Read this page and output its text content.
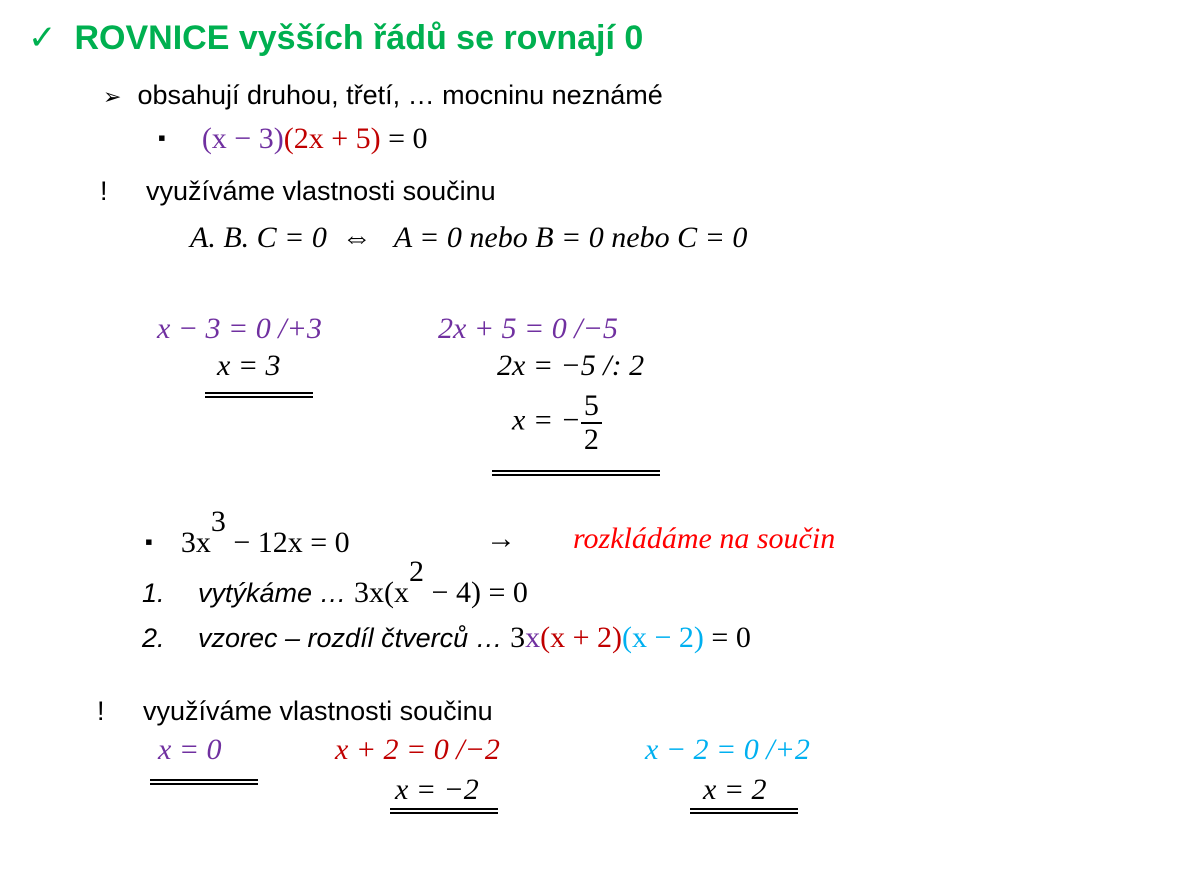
✓ ROVNICE vyšších řádů se rovnají 0
➢ obsahují druhou, třetí, … mocninu neznámé
▪ (x − 3)(2x + 5) = 0
! využíváme vlastnosti součinu
A. B. C = 0  ⇔   A = 0 nebo B = 0 nebo C = 0
x − 3 = 0 /+3
x = 3
2x + 5 = 0 /−5
2x = −5 /: 2
x = − $\frac{5}{2}$
▪ $3x^3 - 12x = 0$	→ rozkládáme na součin
1. vytýkáme … $3x(x^2 - 4) = 0$
2. vzorec – rozdíl čtverců … 3x(x + 2)(x − 2) = 0
! využíváme vlastnosti součinu
x = 0	x + 2 = 0 /−2
x = −2
x − 2 = 0 /+2
x = 2
